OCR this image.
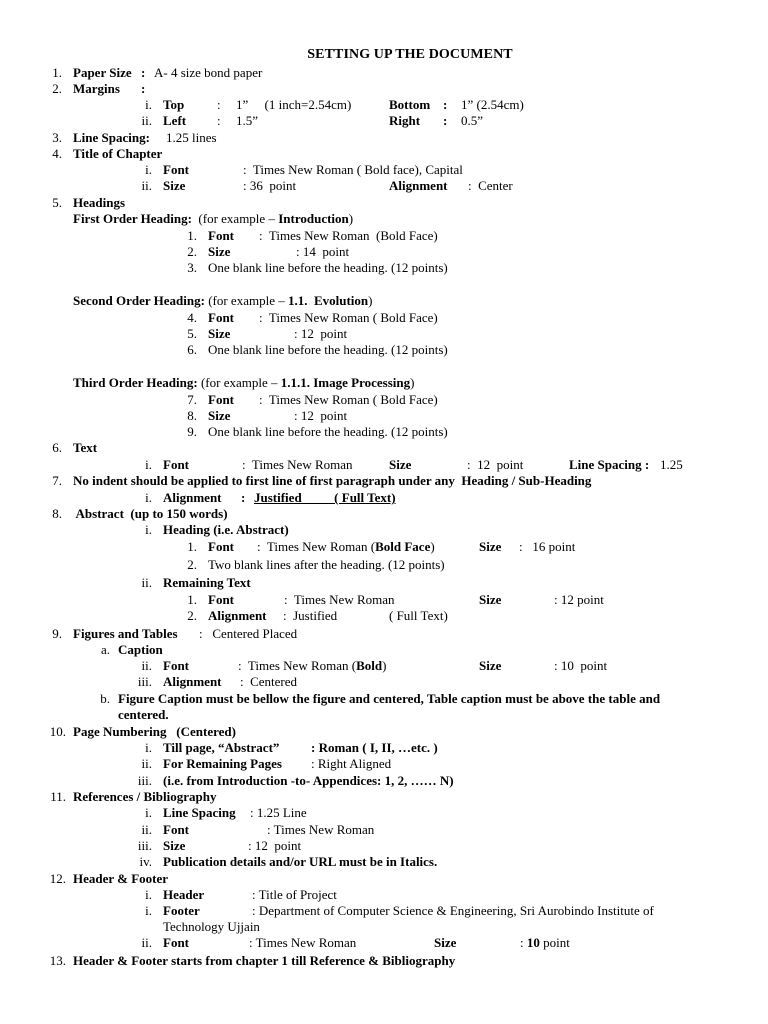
SETTING UP THE DOCUMENT
1. Paper Size : A- 4 size bond paper
2. Margins :
i. Top	: 1”     (1 inch=2.54cm)	Bottom : 1” (2.54cm)
ii. Left : 1.5”	Right : 0.5”
3. Line Spacing: 1.25 lines
4. Title of Chapter
i. Font	:  Times New Roman ( Bold face), Capital
ii. Size	: 36  point	Alignment :  Center
5. Headings
First Order Heading: (for example – Introduction)
1. Font :  Times New Roman  (Bold Face)
2. Size	: 14  point
3. One blank line before the heading. (12 points)
Second Order Heading: (for example – 1.1.  Evolution)
4. Font :  Times New Roman ( Bold Face)
5. Size	: 12  point
6. One blank line before the heading. (12 points)
Third Order Heading: (for example – 1.1.1. Image Processing)
7. Font :  Times New Roman ( Bold Face)
8. Size	: 12  point
9. One blank line before the heading. (12 points)
6. Text
i. Font	:  Times New Roman	Size	:  12  point	Line Spacing : 1.25
7. No indent should be applied to first line of first paragraph under any  Heading / Sub-Heading
i. Alignment : Justified          ( Full Text)
8. Abstract  (up to 150 words)
i. Heading (i.e. Abstract)
1. Font :  Times New Roman (Bold Face)	Size :   16 point
2. Two blank lines after the heading. (12 points)
ii. Remaining Text
1. Font	:  Times New Roman	Size	: 12 point
2. Alignment :  Justified	( Full Text)
9. Figures and Tables :   Centered Placed
a. Caption
ii. Font	:  Times New Roman (Bold)	Size	: 10  point
iii. Alignment :  Centered
b. Figure Caption must be bellow the figure and centered, Table caption must be above the table and
centered.
10. Page Numbering   (Centered)
i. Till page, “Abstract” : Roman ( I, II, …etc. )
ii. For Remaining Pages : Right Aligned
iii. (i.e. from Introduction -to- Appendices: 1, 2, …… N)
11. References / Bibliography
i. Line Spacing : 1.25 Line
ii. Font	: Times New Roman
iii. Size	: 12  point
iv. Publication details and/or URL must be in Italics.
12. Header & Footer
i. Header	: Title of Project
i. Footer	: Department of Computer Science & Engineering, Sri Aurobindo Institute of
Technology Ujjain
ii. Font	: Times New Roman	Size	: 10 point
13. Header & Footer starts from chapter 1 till Reference & Bibliography
